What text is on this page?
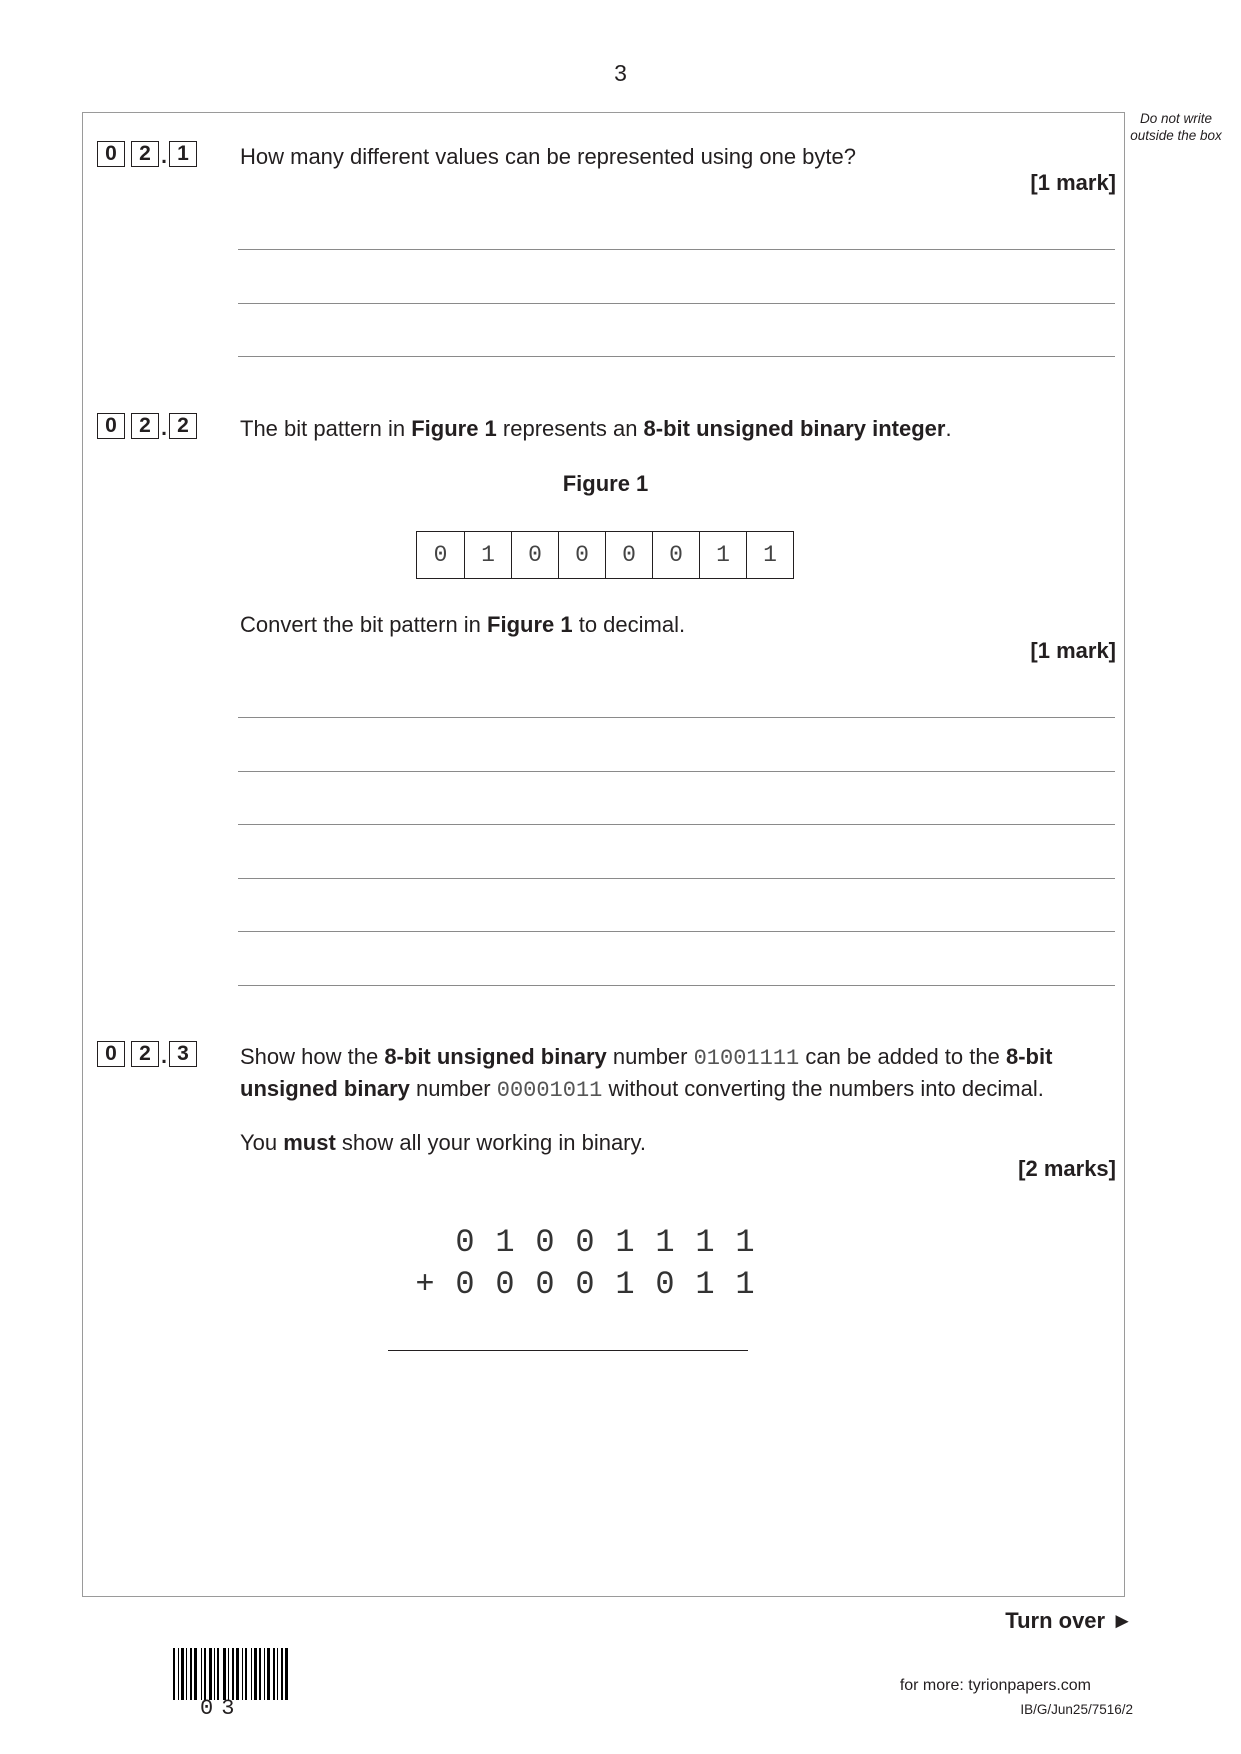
3
Do not write outside the box
0	2 . 1	How many different values can be represented using one byte?
[1 mark]
0	2 . 2	The bit pattern in Figure 1 represents an 8-bit unsigned binary integer.
Figure 1
0	1	0	0	0	0	1	1
Convert the bit pattern in Figure 1 to decimal.
[1 mark]
0	2 . 3	Show how the 8-bit unsigned binary number 01001111 can be added to the 8-bit
unsigned binary number 00001011 without converting the numbers into decimal.
You must show all your working in binary.
[2 marks]
0 1 0 0 1 1 1 1
+ 0 0 0 0 1 0 1 1
Turn over ►
03
for more: tyrionpapers.com
IB/G/Jun25/7516/2
